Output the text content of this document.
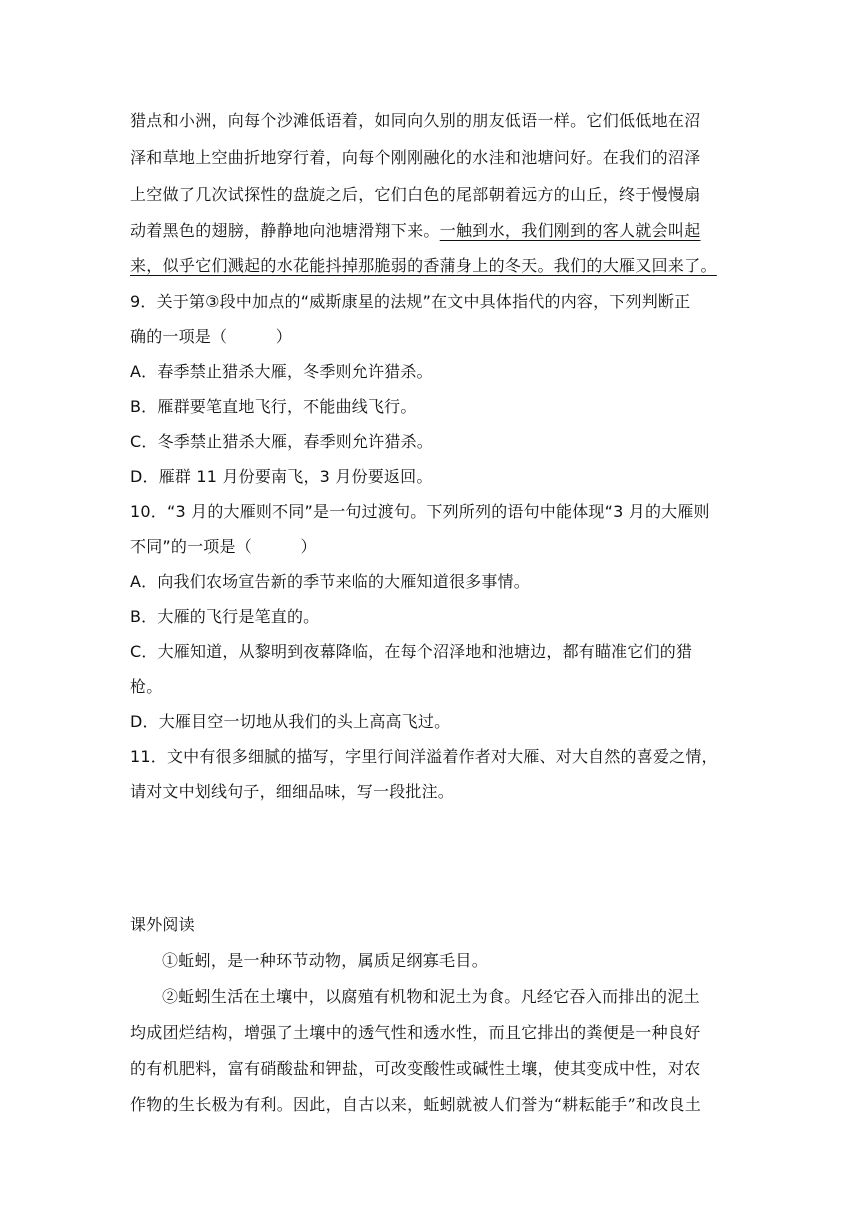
猎点和小洲，向每个沙滩低语着，如同向久别的朋友低语一样。它们低低地在沼
泽和草地上空曲折地穿行着，向每个刚刚融化的水洼和池塘问好。在我们的沼泽
上空做了几次试探性的盘旋之后，它们白色的尾部朝着远方的山丘，终于慢慢扇
动着黑色的翅膀，静静地向池塘滑翔下来。一触到水，我们刚到的客人就会叫起
来，似乎它们溅起的水花能抖掉那脆弱的香蒲身上的冬天。我们的大雁又回来了。
9．关于第③段中加点的“威斯康星的法规”在文中具体指代的内容，下列判断正
确的一项是（　　　）
A．春季禁止猎杀大雁，冬季则允许猎杀。
B．雁群要笔直地飞行，不能曲线飞行。
C．冬季禁止猎杀大雁，春季则允许猎杀。
D．雁群 11 月份要南飞，3 月份要返回。
10．“3 月的大雁则不同”是一句过渡句。下列所列的语句中能体现“3 月的大雁则
不同”的一项是（　　　）
A．向我们农场宣告新的季节来临的大雁知道很多事情。
B．大雁的飞行是笔直的。
C．大雁知道，从黎明到夜幕降临，在每个沼泽地和池塘边，都有瞄准它们的猎
枪。
D．大雁目空一切地从我们的头上高高飞过。
11．文中有很多细腻的描写，字里行间洋溢着作者对大雁、对大自然的喜爱之情，
请对文中划线句子，细细品味，写一段批注。
课外阅读
①蚯蚓，是一种环节动物，属质足纲寡毛目。
②蚯蚓生活在土壤中，以腐殖有机物和泥土为食。凡经它吞入而排出的泥土
均成团烂结构，增强了土壤中的透气性和透水性，而且它排出的粪便是一种良好
的有机肥料，富有硝酸盐和钾盐，可改变酸性或碱性土壤，使其变成中性，对农
作物的生长极为有利。因此，自古以来，蚯蚓就被人们誉为“耕耘能手”和改良土
